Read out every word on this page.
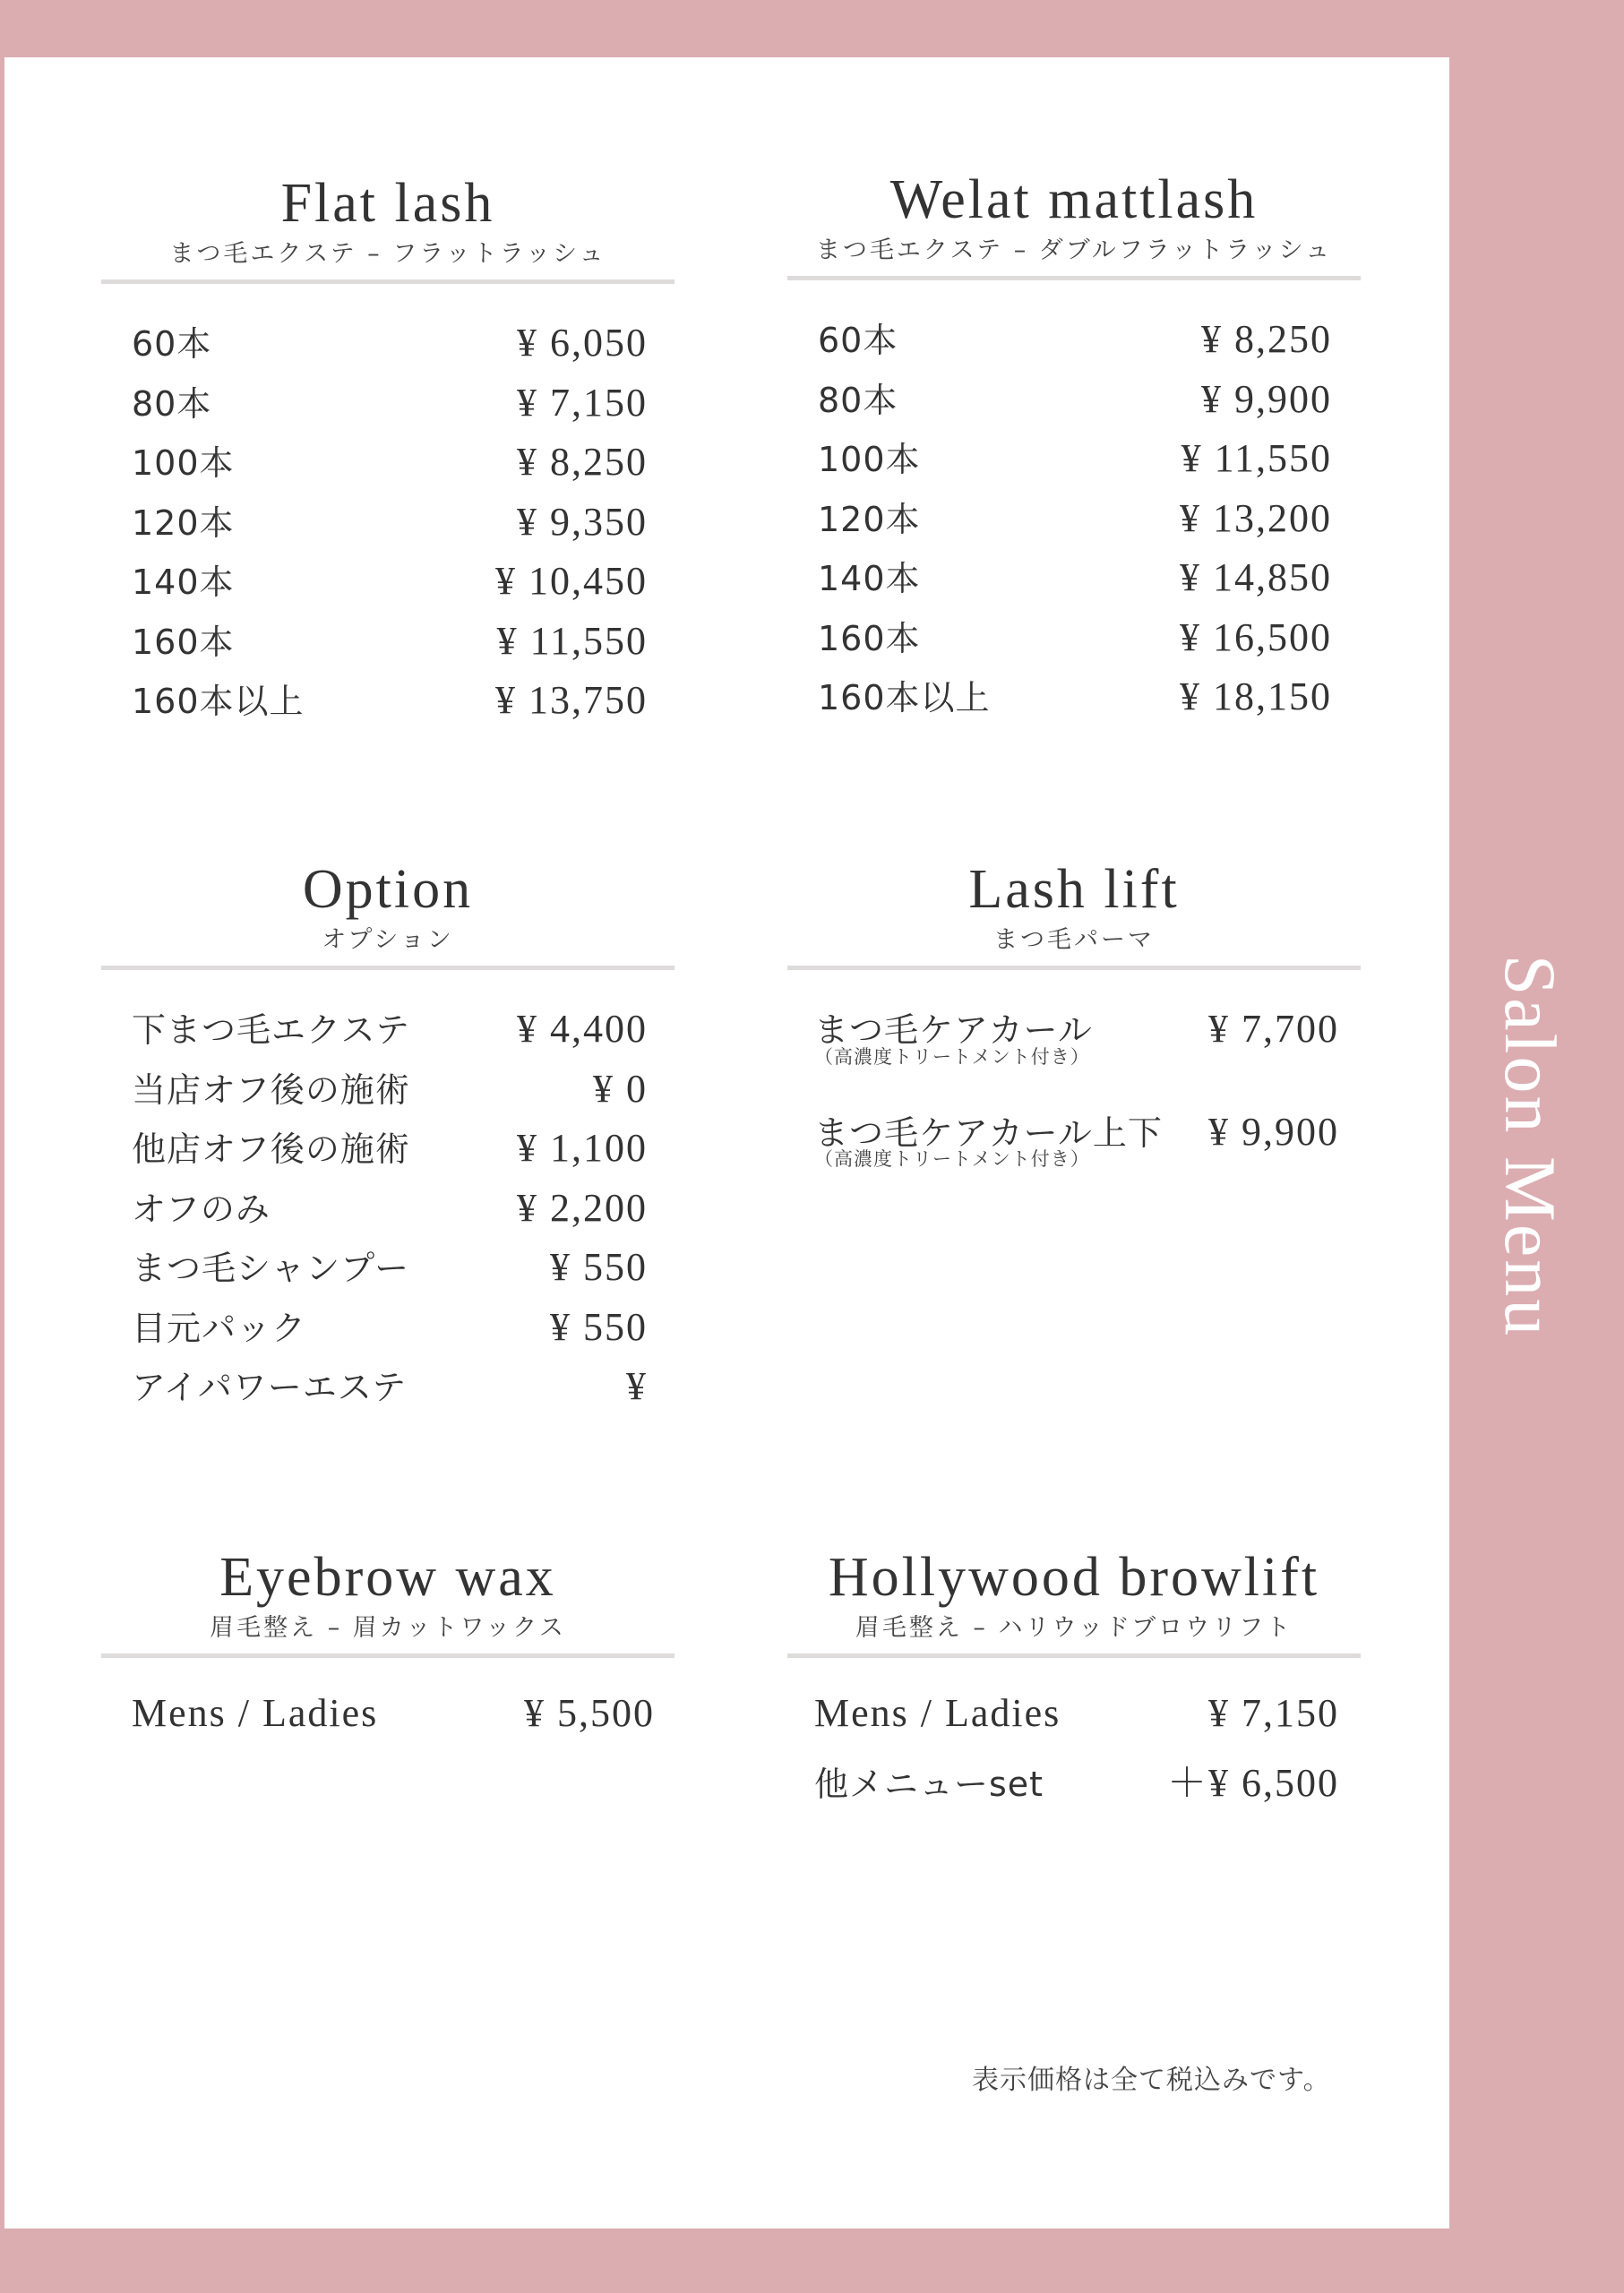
Salon Menu
Flat lash
まつ毛エクステ – フラットラッシュ
60本	¥ 6,050
80本	¥ 7,150
100本	¥ 8,250
120本	¥ 9,350
140本	¥ 10,450
160本	¥ 11,550
160本以上	¥ 13,750
Welat mattlash
まつ毛エクステ – ダブルフラットラッシュ
60本	¥ 8,250
80本	¥ 9,900
100本	¥ 11,550
120本	¥ 13,200
140本	¥ 14,850
160本	¥ 16,500
160本以上	¥ 18,150
Option
オプション
下まつ毛エクステ	¥ 4,400
当店オフ後の施術	¥ 0
他店オフ後の施術	¥ 1,100
オフのみ	¥ 2,200
まつ毛シャンプー	¥ 550
目元パック	¥ 550
アイパワーエステ	¥
Lash lift
まつ毛パーマ
まつ毛ケアカール	¥ 7,700
（高濃度トリートメント付き）
まつ毛ケアカール上下 ¥ 9,900
（高濃度トリートメント付き）
Eyebrow wax
眉毛整え – 眉カットワックス
Mens / Ladies	¥ 5,500
Hollywood browlift
眉毛整え – ハリウッドブロウリフト
Mens / Ladies	¥ 7,150
他メニューset	＋¥ 6,500
表示価格は全て税込みです。
